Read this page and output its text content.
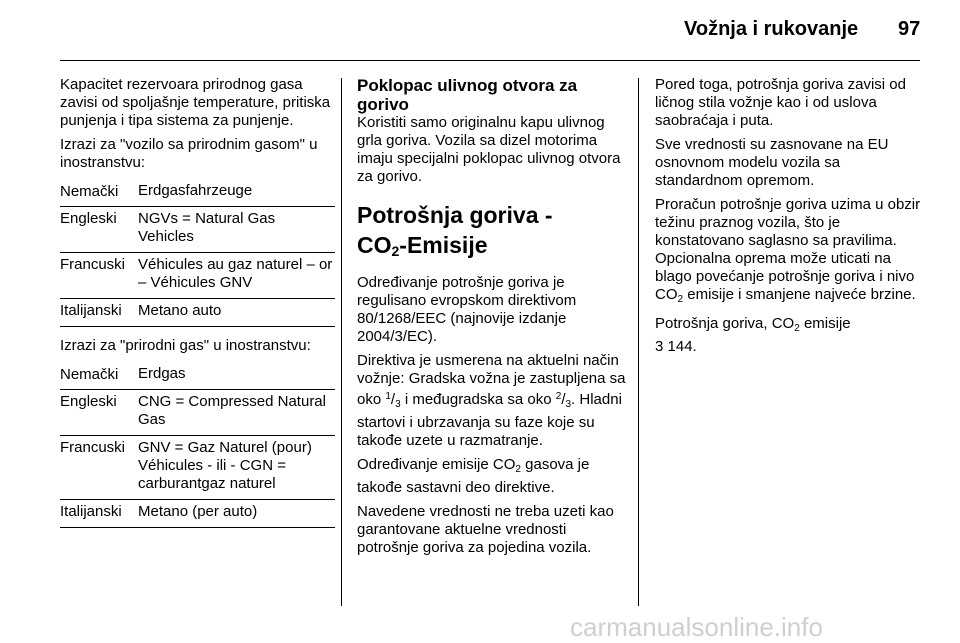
Vožnja i rukovanje 97

Kapacitet rezervoara prirodnog gasa zavisi od spoljašnje temperature, pritiska punjenja i tipa sistema za punjenje.

Izrazi za "vozilo sa prirodnim gasom" u inostranstvu:

Nemački Erdgasfahrzeuge
Engleski NGVs = Natural Gas Vehicles
Francuski Véhicules au gaz naturel – or – Véhicules GNV
Italijanski Metano auto

Izrazi za "prirodni gas" u inostranstvu:

Nemački Erdgas
Engleski CNG = Compressed Natural Gas
Francuski GNV = Gaz Naturel (pour) Véhicules - ili - CGN = carburantgaz naturel
Italijanski Metano (per auto)
Poklopac ulivnog otvora za gorivo

Koristiti samo originalnu kapu ulivnog grla goriva. Vozila sa dizel motorima imaju specijalni poklopac ulivnog otvora za gorivo.

Potrošnja goriva -
$CO_2$-Emisije

Određivanje potrošnje goriva je regulisano evropskom direktivom 80/1268/EEC (najnovije izdanje 2004/3/EC).

Direktiva je usmerena na aktuelni način vožnje: Gradska vožna je zastupljena sa oko $^1/_3$ i međugradska sa oko $^2/_3$. Hladni startovi i ubrzavanja su faze koje su takođe uzete u razmatranje.

Određivanje emisije $CO_2$ gasova je takođe sastavni deo direktive.

Navedene vrednosti ne treba uzeti kao garantovane aktuelne vrednosti potrošnje goriva za pojedina vozila.

Pored toga, potrošnja goriva zavisi od ličnog stila vožnje kao i od uslova saobraćaja i puta.

Sve vrednosti su zasnovane na EU osnovnom modelu vozila sa standardnom opremom.

Proračun potrošnje goriva uzima u obzir težinu praznog vozila, što je konstatovano saglasno sa pravilima. Opcionalna oprema može uticati na blago povećanje potrošnje goriva i nivo $CO_2$ emisije i smanjene najveće brzine.

Potrošnja goriva, $CO_2$ emisije
3 144.

carmanualsonline.info
